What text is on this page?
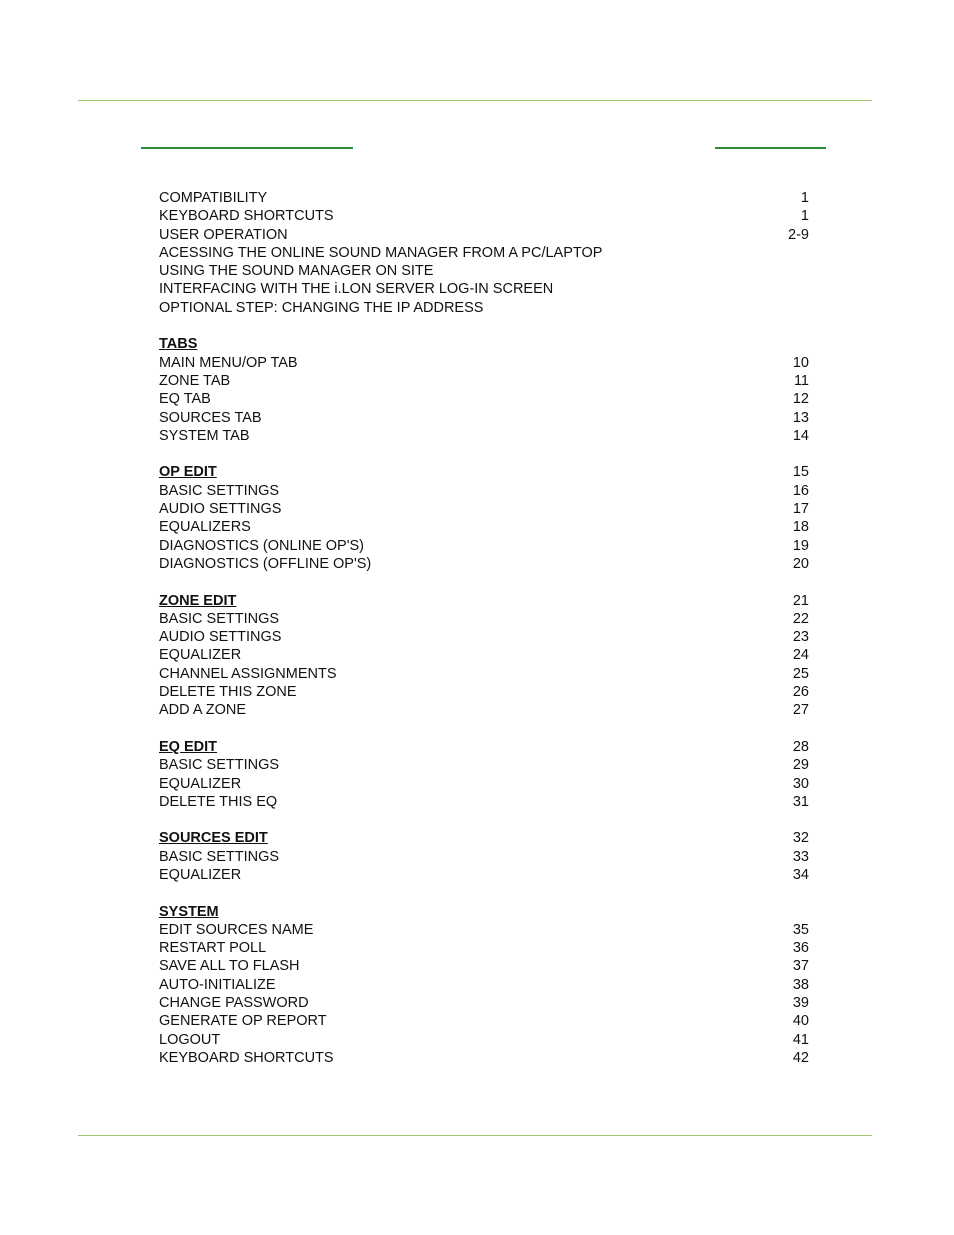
COMPATIBILITY	1
KEYBOARD SHORTCUTS	1
USER OPERATION	2-9
ACESSING THE ONLINE SOUND MANAGER FROM A PC/LAPTOP
USING THE SOUND MANAGER ON SITE
INTERFACING WITH THE i.LON SERVER LOG-IN SCREEN
OPTIONAL STEP: CHANGING THE IP ADDRESS
TABS
MAIN MENU/OP TAB	10
ZONE TAB	11
EQ TAB	12
SOURCES TAB	13
SYSTEM TAB	14
OP EDIT	15
BASIC SETTINGS	16
AUDIO SETTINGS	17
EQUALIZERS	18
DIAGNOSTICS (ONLINE OP'S)	19
DIAGNOSTICS (OFFLINE OP'S)	20
ZONE EDIT	21
BASIC SETTINGS	22
AUDIO SETTINGS	23
EQUALIZER	24
CHANNEL ASSIGNMENTS	25
DELETE THIS ZONE	26
ADD A ZONE	27
EQ EDIT	28
BASIC SETTINGS	29
EQUALIZER	30
DELETE THIS EQ	31
SOURCES EDIT	32
BASIC SETTINGS	33
EQUALIZER	34
SYSTEM
EDIT SOURCES NAME	35
RESTART POLL	36
SAVE ALL TO FLASH	37
AUTO-INITIALIZE	38
CHANGE PASSWORD	39
GENERATE OP REPORT	40
LOGOUT	41
KEYBOARD SHORTCUTS	42
